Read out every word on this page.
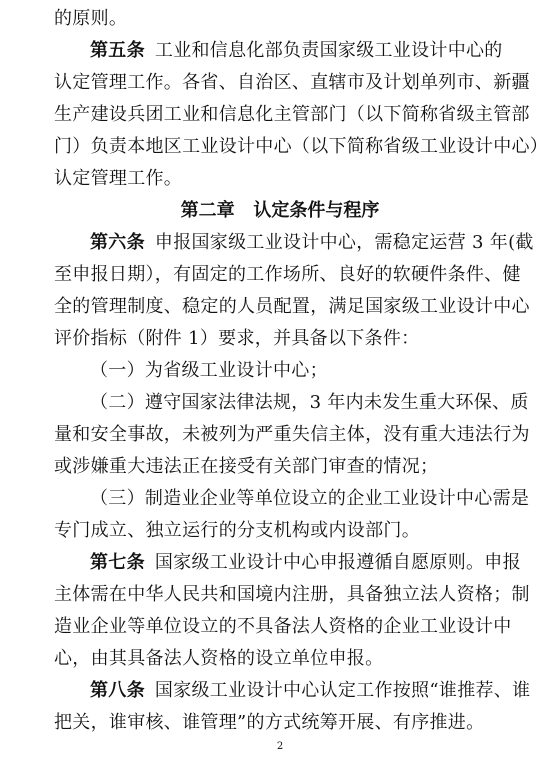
的原则。
第五条 工业和信息化部负责国家级工业设计中心的
认定管理工作。各省、自治区、直辖市及计划单列市、新疆
生产建设兵团工业和信息化主管部门（以下简称省级主管部
门）负责本地区工业设计中心（以下简称省级工业设计中心）
认定管理工作。
第二章   认定条件与程序
第六条 申报国家级工业设计中心，需稳定运营 3 年(截
至申报日期），有固定的工作场所、良好的软硬件条件、健
全的管理制度、稳定的人员配置，满足国家级工业设计中心
评价指标（附件 1）要求，并具备以下条件：
（一）为省级工业设计中心；
（二）遵守国家法律法规，3 年内未发生重大环保、质
量和安全事故，未被列为严重失信主体，没有重大违法行为
或涉嫌重大违法正在接受有关部门审查的情况；
（三）制造业企业等单位设立的企业工业设计中心需是
专门成立、独立运行的分支机构或内设部门。
第七条 国家级工业设计中心申报遵循自愿原则。申报
主体需在中华人民共和国境内注册，具备独立法人资格；制
造业企业等单位设立的不具备法人资格的企业工业设计中
心，由其具备法人资格的设立单位申报。
第八条 国家级工业设计中心认定工作按照“谁推荐、谁
把关，谁审核、谁管理”的方式统筹开展、有序推进。
2
